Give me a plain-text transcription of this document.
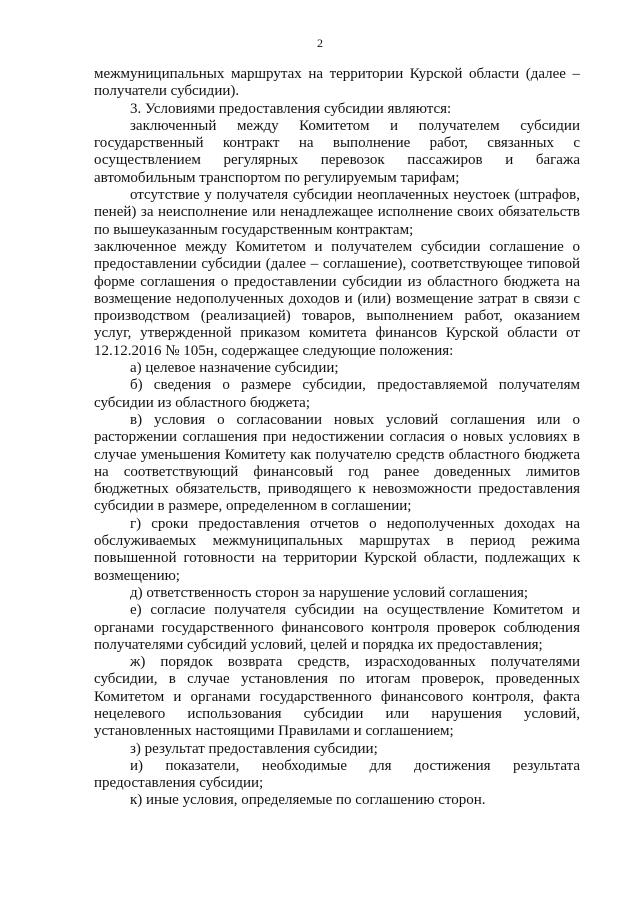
2

межмуниципальных маршрутах на территории Курской области (далее – получатели субсидии).

3. Условиями предоставления субсидии являются:

заключенный между Комитетом и получателем субсидии государственный контракт на выполнение работ, связанных с осуществлением регулярных перевозок пассажиров и багажа автомобильным транспортом по регулируемым тарифам;

отсутствие у получателя субсидии неоплаченных неустоек (штрафов, пеней) за неисполнение или ненадлежащее исполнение своих обязательств по вышеуказанным государственным контрактам;

заключенное между Комитетом и получателем субсидии соглашение о предоставлении субсидии (далее – соглашение), соответствующее типовой форме соглашения о предоставлении субсидии из областного бюджета на возмещение недополученных доходов и (или) возмещение затрат в связи с производством (реализацией) товаров, выполнением работ, оказанием услуг, утвержденной приказом комитета финансов Курской области от 12.12.2016 № 105н, содержащее следующие положения:

а) целевое назначение субсидии;

б) сведения о размере субсидии, предоставляемой получателям субсидии из областного бюджета;

в) условия о согласовании новых условий соглашения или о расторжении соглашения при недостижении согласия о новых условиях в случае уменьшения Комитету как получателю средств областного бюджета на соответствующий финансовый год ранее доведенных лимитов бюджетных обязательств, приводящего к невозможности предоставления субсидии в размере, определенном в соглашении;

г) сроки предоставления отчетов о недополученных доходах на обслуживаемых межмуниципальных маршрутах в период режима повышенной готовности на территории Курской области, подлежащих к возмещению;

д) ответственность сторон за нарушение условий соглашения;

е) согласие получателя субсидии на осуществление Комитетом и органами государственного финансового контроля проверок соблюдения получателями субсидий условий, целей и порядка их предоставления;

ж) порядок возврата средств, израсходованных получателями субсидии, в случае установления по итогам проверок, проведенных Комитетом и органами государственного финансового контроля, факта нецелевого использования субсидии или нарушения условий, установленных настоящими Правилами и соглашением;

з) результат предоставления субсидии;

и) показатели, необходимые для достижения результата предоставления субсидии;

к) иные условия, определяемые по соглашению сторон.
